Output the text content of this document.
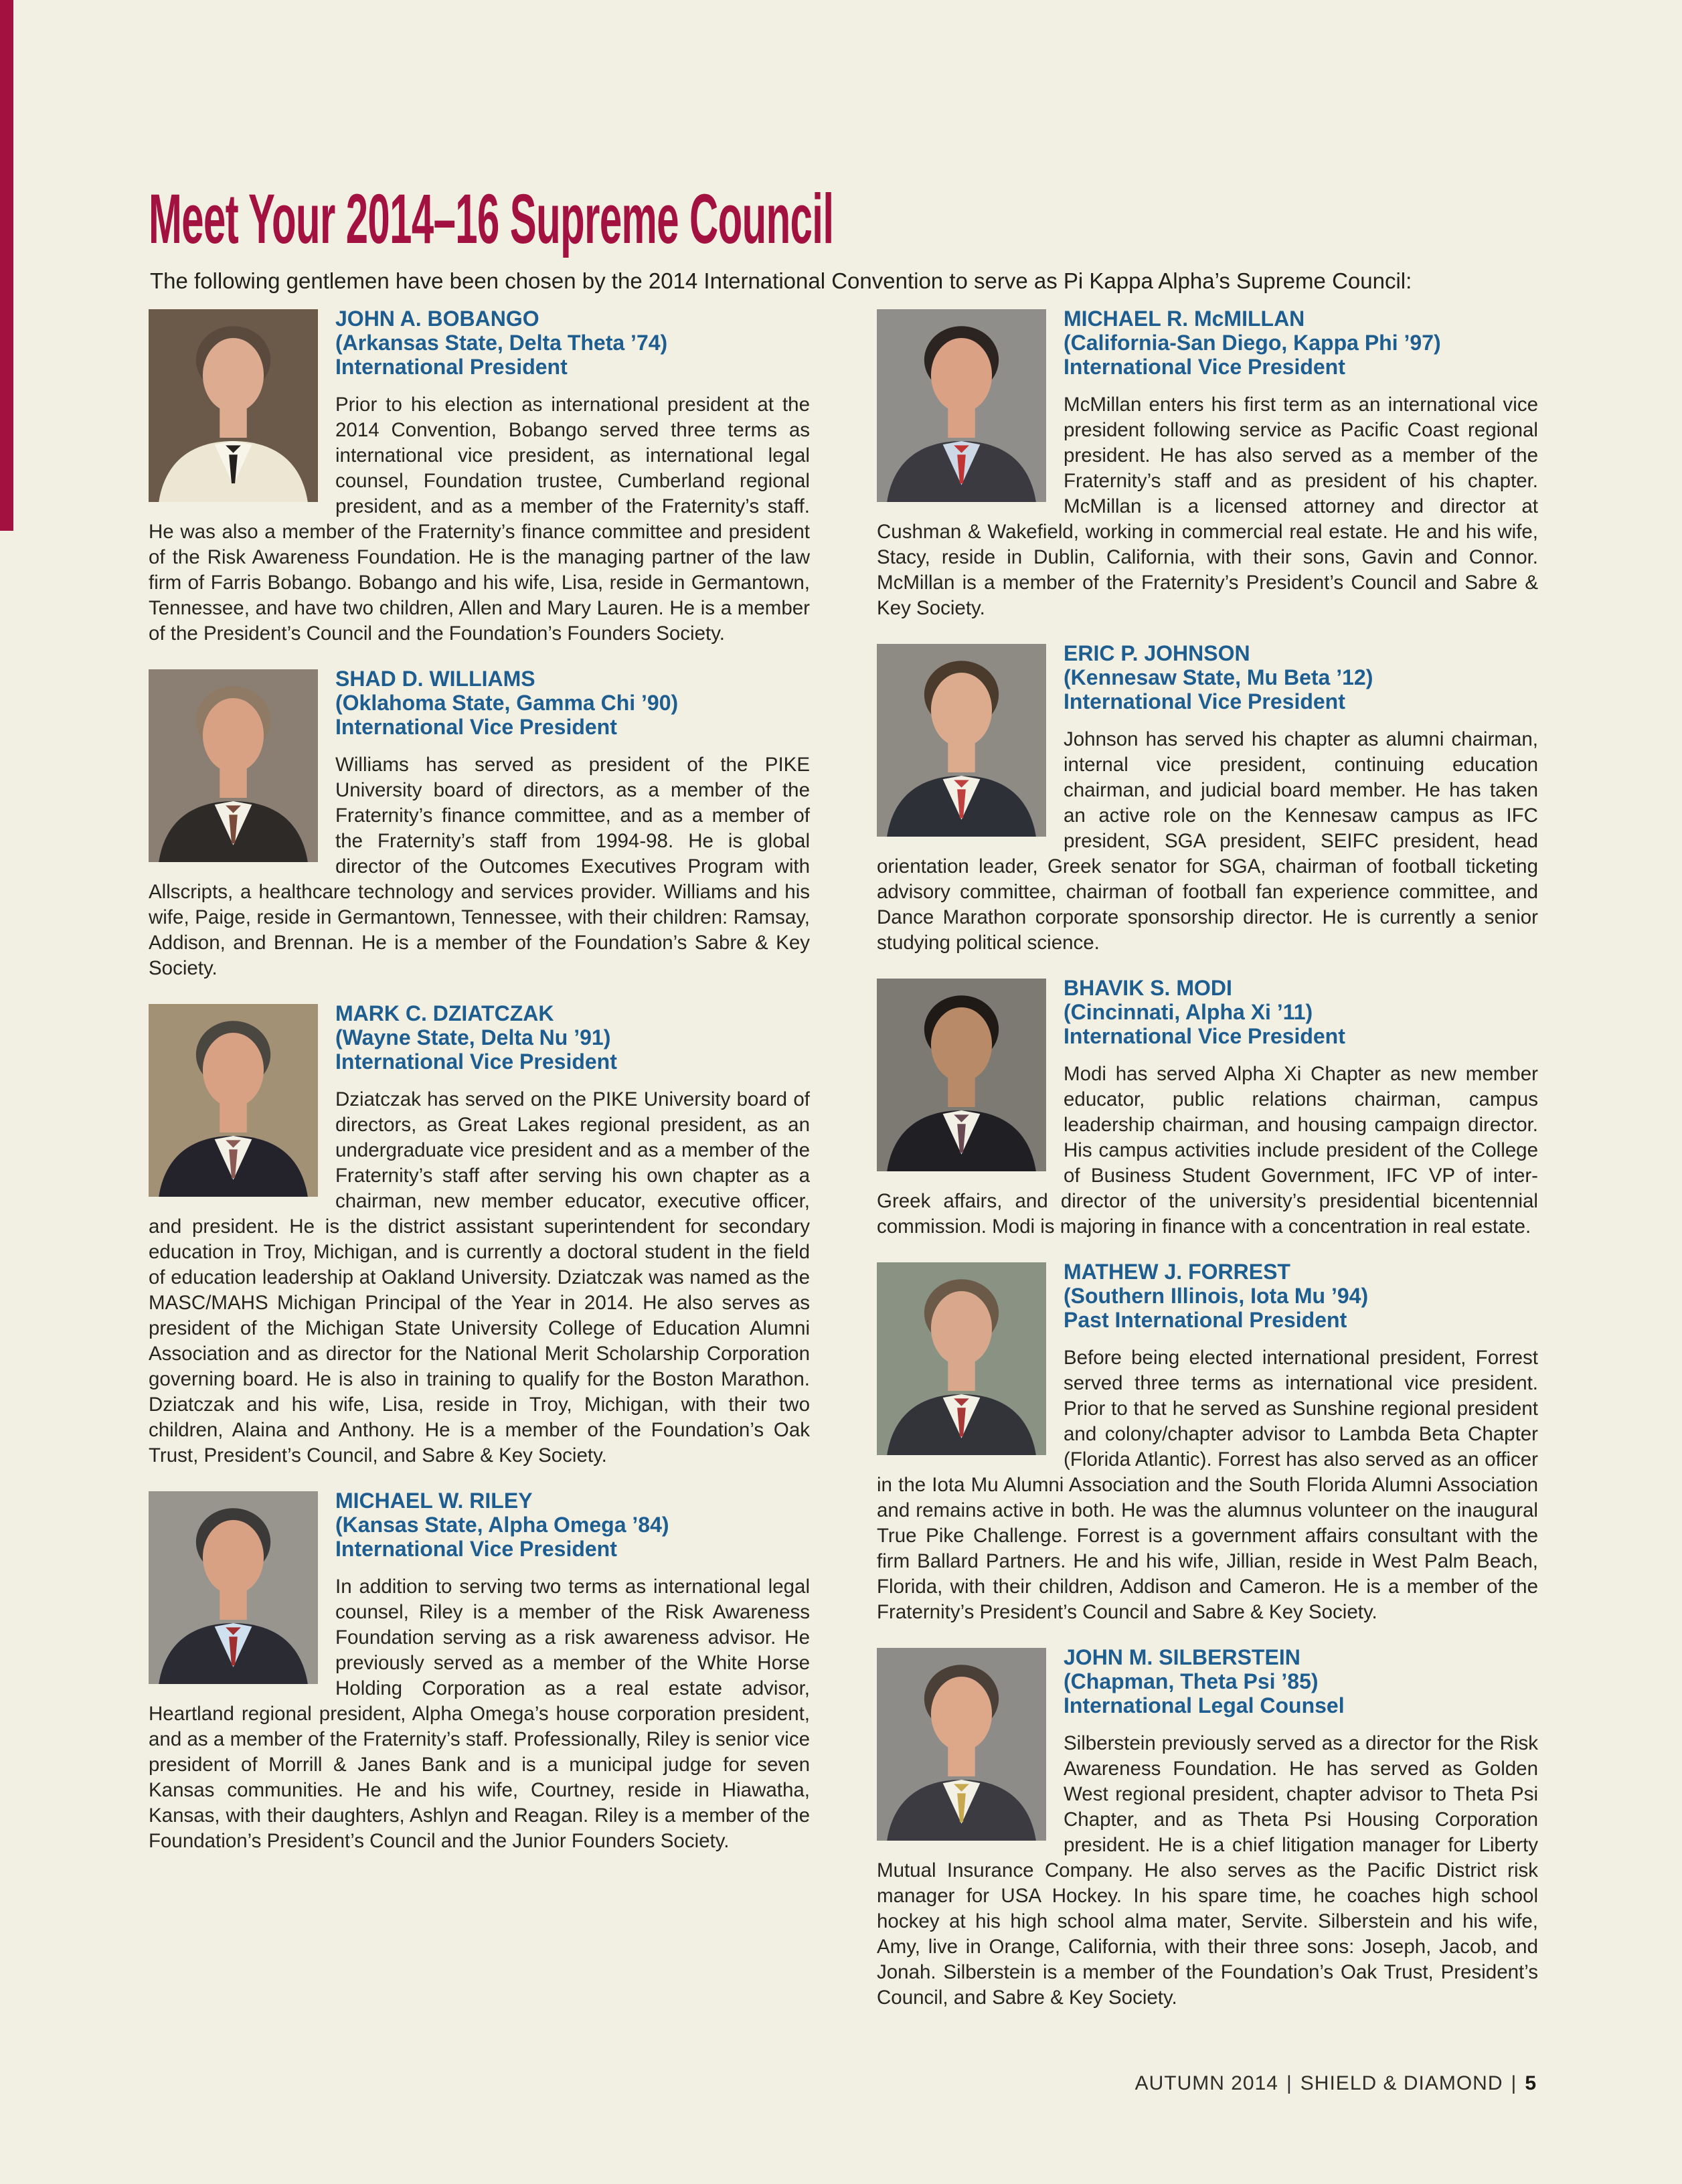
Meet Your 2014–16 Supreme Council

The following gentlemen have been chosen by the 2014 International Convention to serve as Pi Kappa Alpha’s Supreme Council:

JOHN A. BOBANGO
(Arkansas State, Delta Theta ’74)
International President

Prior to his election as international president at the 2014 Convention, Bobango served three terms as international vice president, as international legal counsel, Foundation trustee, Cumberland regional president, and as a member of the Fraternity’s staff. He was also a member of the Fraternity’s finance committee and president of the Risk Awareness Foundation. He is the managing partner of the law firm of Farris Bobango. Bobango and his wife, Lisa, reside in Germantown, Tennessee, and have two children, Allen and Mary Lauren. He is a member of the President’s Council and the Foundation’s Founders Society.

SHAD D. WILLIAMS
(Oklahoma State, Gamma Chi ’90)
International Vice President

Williams has served as president of the PIKE University board of directors, as a member of the Fraternity’s finance committee, and as a member of the Fraternity’s staff from 1994-98. He is global director of the Outcomes Executives Program with Allscripts, a healthcare technology and services provider. Williams and his wife, Paige, reside in Germantown, Tennessee, with their children: Ramsay, Addison, and Brennan. He is a member of the Foundation’s Sabre & Key Society.

MARK C. DZIATCZAK
(Wayne State, Delta Nu ’91)
International Vice President

Dziatczak has served on the PIKE University board of directors, as Great Lakes regional president, as an undergraduate vice president and as a member of the Fraternity’s staff after serving his own chapter as a chairman, new member educator, executive officer, and president. He is the district assistant superintendent for secondary education in Troy, Michigan, and is currently a doctoral student in the field of education leadership at Oakland University. Dziatczak was named as the MASC/MAHS Michigan Principal of the Year in 2014. He also serves as president of the Michigan State University College of Education Alumni Association and as director for the National Merit Scholarship Corporation governing board. He is also in training to qualify for the Boston Marathon. Dziatczak and his wife, Lisa, reside in Troy, Michigan, with their two children, Alaina and Anthony. He is a member of the Foundation’s Oak Trust, President’s Council, and Sabre & Key Society.

MICHAEL W. RILEY
(Kansas State, Alpha Omega ’84)
International Vice President

In addition to serving two terms as international legal counsel, Riley is a member of the Risk Awareness Foundation serving as a risk awareness advisor. He previously served as a member of the White Horse Holding Corporation as a real estate advisor, Heartland regional president, Alpha Omega’s house corporation president, and as a member of the Fraternity’s staff. Professionally, Riley is senior vice president of Morrill & Janes Bank and is a municipal judge for seven Kansas communities. He and his wife, Courtney, reside in Hiawatha, Kansas, with their daughters, Ashlyn and Reagan. Riley is a member of the Foundation’s President’s Council and the Junior Founders Society.

MICHAEL R. McMILLAN
(California-San Diego, Kappa Phi ’97)
International Vice President

McMillan enters his first term as an international vice president following service as Pacific Coast regional president. He has also served as a member of the Fraternity’s staff and as president of his chapter. McMillan is a licensed attorney and director at Cushman & Wakefield, working in commercial real estate. He and his wife, Stacy, reside in Dublin, California, with their sons, Gavin and Connor. McMillan is a member of the Fraternity’s President’s Council and Sabre & Key Society.

ERIC P. JOHNSON
(Kennesaw State, Mu Beta ’12)
International Vice President

Johnson has served his chapter as alumni chairman, internal vice president, continuing education chairman, and judicial board member. He has taken an active role on the Kennesaw campus as IFC president, SGA president, SEIFC president, head orientation leader, Greek senator for SGA, chairman of football ticketing advisory committee, chairman of football fan experience committee, and Dance Marathon corporate sponsorship director. He is currently a senior studying political science.

BHAVIK S. MODI
(Cincinnati, Alpha Xi ’11)
International Vice President

Modi has served Alpha Xi Chapter as new member educator, public relations chairman, campus leadership chairman, and housing campaign director. His campus activities include president of the College of Business Student Government, IFC VP of inter-Greek affairs, and director of the university’s presidential bicentennial commission. Modi is majoring in finance with a concentration in real estate.

MATHEW J. FORREST
(Southern Illinois, Iota Mu ’94)
Past International President

Before being elected international president, Forrest served three terms as international vice president. Prior to that he served as Sunshine regional president and colony/chapter advisor to Lambda Beta Chapter (Florida Atlantic). Forrest has also served as an officer in the Iota Mu Alumni Association and the South Florida Alumni Association and remains active in both. He was the alumnus volunteer on the inaugural True Pike Challenge. Forrest is a government affairs consultant with the firm Ballard Partners. He and his wife, Jillian, reside in West Palm Beach, Florida, with their children, Addison and Cameron. He is a member of the Fraternity’s President’s Council and Sabre & Key Society.

JOHN M. SILBERSTEIN
(Chapman, Theta Psi ’85)
International Legal Counsel

Silberstein previously served as a director for the Risk Awareness Foundation. He has served as Golden West regional president, chapter advisor to Theta Psi Chapter, and as Theta Psi Housing Corporation president. He is a chief litigation manager for Liberty Mutual Insurance Company. He also serves as the Pacific District risk manager for USA Hockey. In his spare time, he coaches high school hockey at his high school alma mater, Servite. Silberstein and his wife, Amy, live in Orange, California, with their three sons: Joseph, Jacob, and Jonah. Silberstein is a member of the Foundation’s Oak Trust, President’s Council, and Sabre & Key Society.

AUTUMN 2014 | SHIELD & DIAMOND | 5
